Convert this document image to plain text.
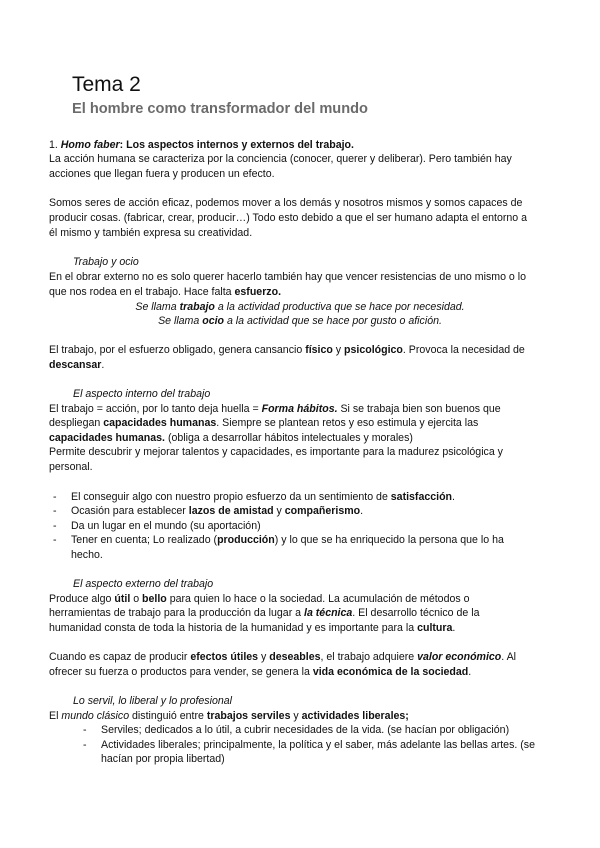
Tema 2
El hombre como transformador del mundo

1. Homo faber: Los aspectos internos y externos del trabajo.

La acción humana se caracteriza por la conciencia (conocer, querer y deliberar). Pero también hay

acciones que llegan fuera y producen un efecto.

Somos seres de acción eficaz, podemos mover a los demás y nosotros mismos y somos capaces de

producir cosas. (fabricar, crear, producir…) Todo esto debido a que el ser humano adapta el entorno a

él mismo y también expresa su creatividad.

Trabajo y ocio

En el obrar externo no es solo querer hacerlo también hay que vencer resistencias de uno mismo o lo

que nos rodea en el trabajo. Hace falta esfuerzo.

Se llama trabajo a la actividad productiva que se hace por necesidad.

Se llama ocio a la actividad que se hace por gusto o afición.

El trabajo, por el esfuerzo obligado, genera cansancio físico y psicológico. Provoca la necesidad de

descansar.

El aspecto interno del trabajo

El trabajo = acción, por lo tanto deja huella = Forma hábitos. Si se trabaja bien son buenos que

despliegan capacidades humanas. Siempre se plantean retos y eso estimula y ejercita las

capacidades humanas. (obliga a desarrollar hábitos intelectuales y morales)

Permite descubrir y mejorar talentos y capacidades, es importante para la madurez psicológica y

personal.

- El conseguir algo con nuestro propio esfuerzo da un sentimiento de satisfacción.

- Ocasión para establecer lazos de amistad y compañerismo.

- Da un lugar en el mundo (su aportación)

- Tener en cuenta; Lo realizado (producción) y lo que se ha enriquecido la persona que lo ha

hecho.

El aspecto externo del trabajo

Produce algo útil o bello para quien lo hace o la sociedad. La acumulación de métodos o

herramientas de trabajo para la producción da lugar a la técnica. El desarrollo técnico de la

humanidad consta de toda la historia de la humanidad y es importante para la cultura.

Cuando es capaz de producir efectos útiles y deseables, el trabajo adquiere valor económico. Al

ofrecer su fuerza o productos para vender, se genera la vida económica de la sociedad.

Lo servil, lo liberal y lo profesional

El mundo clásico distinguió entre trabajos serviles y actividades liberales;

- Serviles; dedicados a lo útil, a cubrir necesidades de la vida. (se hacían por obligación)

- Actividades liberales; principalmente, la política y el saber, más adelante las bellas artes. (se

hacían por propia libertad)
